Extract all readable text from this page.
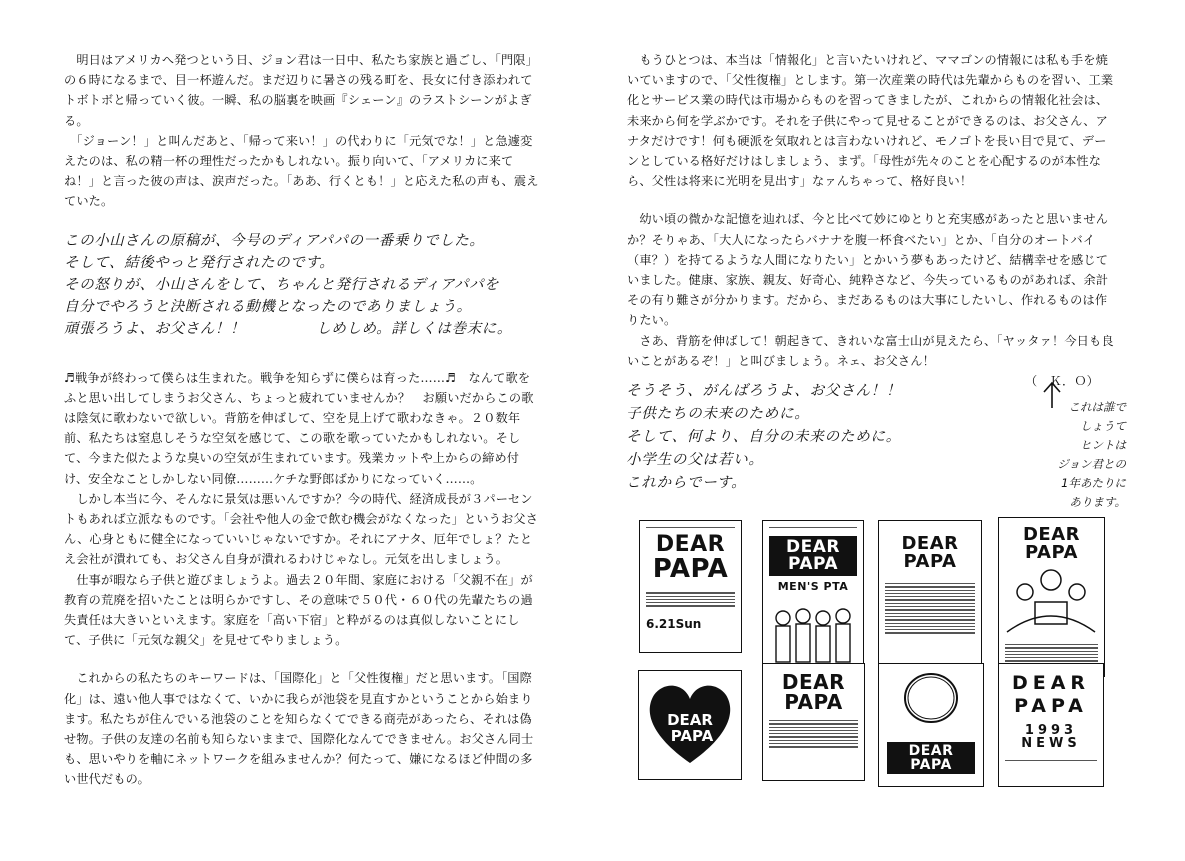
　明日はアメリカへ発つという日、ジョン君は一日中、私たち家族と過ごし、「門限」の６時になるまで、目一杯遊んだ。まだ辺りに暑さの残る町を、長女に付き添われてトボトボと帰っていく彼。一瞬、私の脳裏を映画『シェーン』のラストシーンがよぎる。

　「ジョーン！」と叫んだあと、「帰って来い！」の代わりに「元気でな！」と急遽変えたのは、私の精一杯の理性だったかもしれない。振り向いて、「アメリカに来てね！」と言った彼の声は、涙声だった。「ああ、行くとも！」と応えた私の声も、震えていた。

この小山さんの原稿が、今号のディアパパの一番乗りでした。

そして、結後やっと発行されたのです。

その怒りが、小山さんをして、ちゃんと発行されるディアパパを

自分でやろうと決断される動機となったのでありましょう。

頑張ろうよ、お父さん！！	しめしめ。詳しくは巻末に。

♬戦争が終わって僕らは生まれた。戦争を知らずに僕らは育った……♬　なんて歌をふと思い出してしまうお父さん、ちょっと疲れていませんか？　お願いだからこの歌は陰気に歌わないで欲しい。背筋を伸ばして、空を見上げて歌わなきゃ。２０数年前、私たちは窒息しそうな空気を感じて、この歌を歌っていたかもしれない。そして、今また似たような臭いの空気が生まれています。残業カットや上からの締め付け、安全なことしかしない同僚………ケチな野郎ばかりになっていく……。

　しかし本当に今、そんなに景気は悪いんですか？今の時代、経済成長が３パーセントもあれば立派なものです。「会社や他人の金で飲む機会がなくなった」というお父さん、心身ともに健全になっていいじゃないですか。それにアナタ、厄年でしょ？たとえ会社が潰れても、お父さん自身が潰れるわけじゃなし。元気を出しましょう。

　仕事が暇なら子供と遊びましょうよ。過去２０年間、家庭における「父親不在」が教育の荒廃を招いたことは明らかですし、その意味で５０代・６０代の先輩たちの過失責任は大きいといえます。家庭を「高い下宿」と粋がるのは真似しないことにして、子供に「元気な親父」を見せてやりましょう。

　これからの私たちのキーワードは、「国際化」と「父性復権」だと思います。「国際化」は、遠い他人事ではなくて、いかに我らが池袋を見直すかということから始まります。私たちが住んでいる池袋のことを知らなくてできる商売があったら、それは偽せ物。子供の友達の名前も知らないままで、国際化なんてできません。お父さん同士も、思いやりを軸にネットワークを組みませんか？何たって、嫌になるほど仲間の多い世代だもの。

　もうひとつは、本当は「情報化」と言いたいけれど、ママゴンの情報には私も手を焼いていますので、「父性復権」とします。第一次産業の時代は先輩からものを習い、工業化とサービス業の時代は市場からものを習ってきましたが、これからの情報化社会は、未来から何を学ぶかです。それを子供にやって見せることができるのは、お父さん、アナタだけです！何も硬派を気取れとは言わないけれど、モノゴトを長い目で見て、デーンとしている格好だけはしましょう、まず。「母性が先々のことを心配するのが本性なら、父性は将来に光明を見出す」なァんちゃって、格好良い！

　幼い頃の微かな記憶を辿れば、今と比べて妙にゆとりと充実感があったと思いませんか？そりゃあ、「大人になったらバナナを腹一杯食べたい」とか、「自分のオートバイ（車？）を持てるような人間になりたい」とかいう夢もあったけど、結構幸せを感じていました。健康、家族、親友、好奇心、純粋さなど、今失っているものがあれば、余計その有り難さが分かります。だから、まだあるものは大事にしたいし、作れるものは作りたい。

　さあ、背筋を伸ばして！朝起きて、きれいな富士山が見えたら、「ヤッタァ！今日も良いことがあるぞ！」と叫びましょう。ネェ、お父さん！

（　Ｋ．Ｏ）

そうそう、がんばろうよ、お父さん！！

子供たちの未来のために。

そして、何より、自分の未来のために。

小学生の父は若い。

これからでーす。

これは誰で

しょうて

ヒントは

ジョン君との

1年あたりに

あります。

DEAR
PAPA
6.21Sun
DEAR PAPA
MEN'S PTA
DEAR PAPA
DEAR PAPA
DEAR
PAPA
DEAR
PAPA
DEAR
PAPA
DEAR
PAPA
1993 NEWS
